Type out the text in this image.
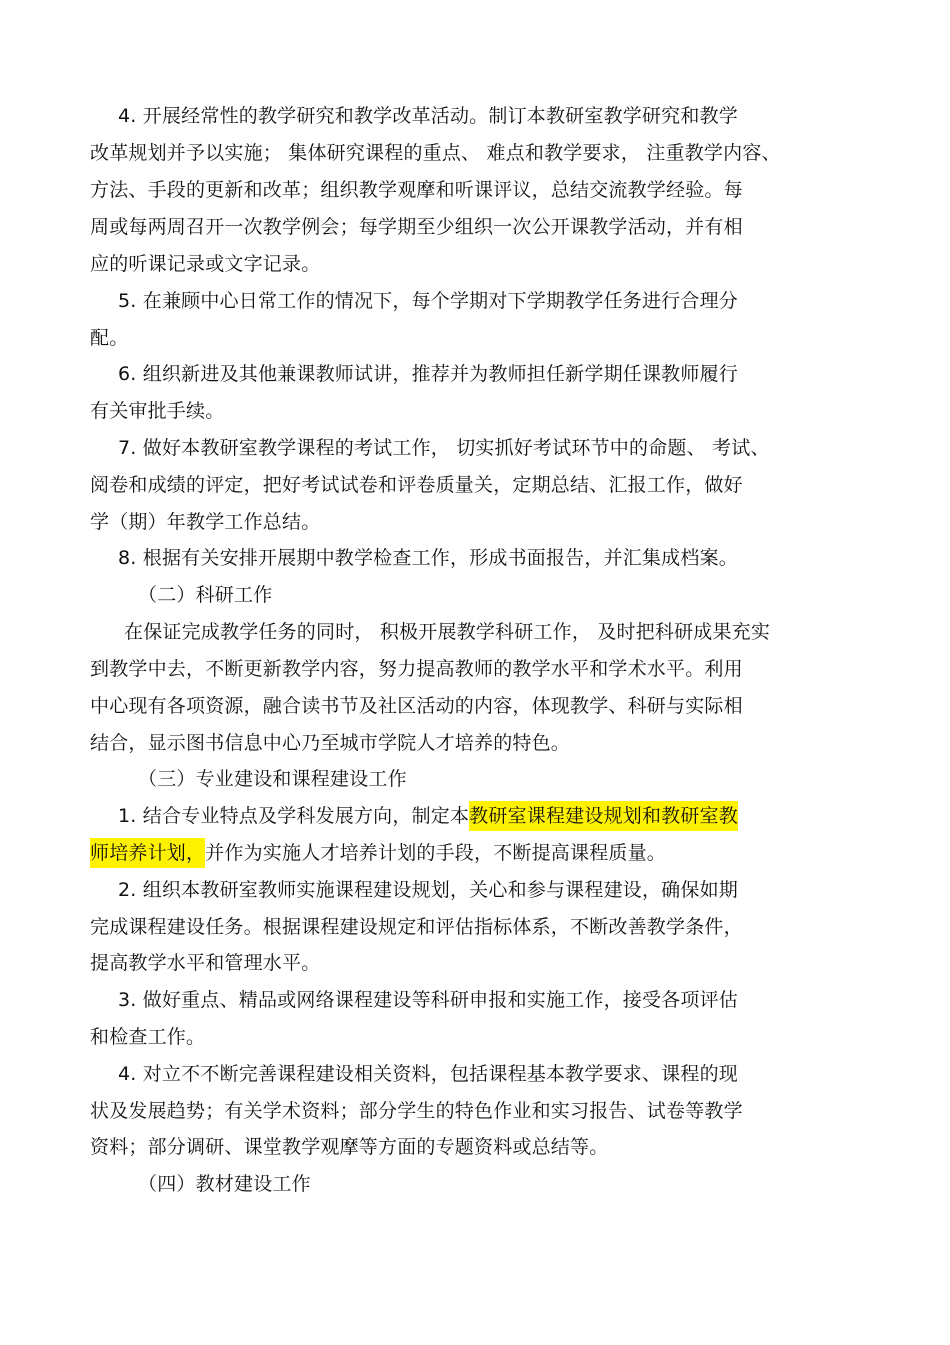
4. 开展经常性的教学研究和教学改革活动。制订本教研室教学研究和教学
改革规划并予以实施； 集体研究课程的重点、 难点和教学要求， 注重教学内容、
方法、手段的更新和改革；组织教学观摩和听课评议，总结交流教学经验。每
周或每两周召开一次教学例会；每学期至少组织一次公开课教学活动，并有相
应的听课记录或文字记录。
5. 在兼顾中心日常工作的情况下，每个学期对下学期教学任务进行合理分
配。
6. 组织新进及其他兼课教师试讲，推荐并为教师担任新学期任课教师履行
有关审批手续。
7. 做好本教研室教学课程的考试工作， 切实抓好考试环节中的命题、 考试、
阅卷和成绩的评定，把好考试试卷和评卷质量关，定期总结、汇报工作，做好
学（期）年教学工作总结。
8. 根据有关安排开展期中教学检查工作，形成书面报告，并汇集成档案。
（二）科研工作
在保证完成教学任务的同时， 积极开展教学科研工作， 及时把科研成果充实
到教学中去，不断更新教学内容，努力提高教师的教学水平和学术水平。利用
中心现有各项资源，融合读书节及社区活动的内容，体现教学、科研与实际相
结合，显示图书信息中心乃至城市学院人才培养的特色。
（三）专业建设和课程建设工作
1. 结合专业特点及学科发展方向，制定本教研室课程建设规划和教研室教
师培养计划，并作为实施人才培养计划的手段，不断提高课程质量。
2. 组织本教研室教师实施课程建设规划，关心和参与课程建设，确保如期
完成课程建设任务。根据课程建设规定和评估指标体系，不断改善教学条件，
提高教学水平和管理水平。
3. 做好重点、精品或网络课程建设等科研申报和实施工作，接受各项评估
和检查工作。
4. 对立不不断完善课程建设相关资料，包括课程基本教学要求、课程的现
状及发展趋势；有关学术资料；部分学生的特色作业和实习报告、试卷等教学
资料；部分调研、课堂教学观摩等方面的专题资料或总结等。
（四）教材建设工作
